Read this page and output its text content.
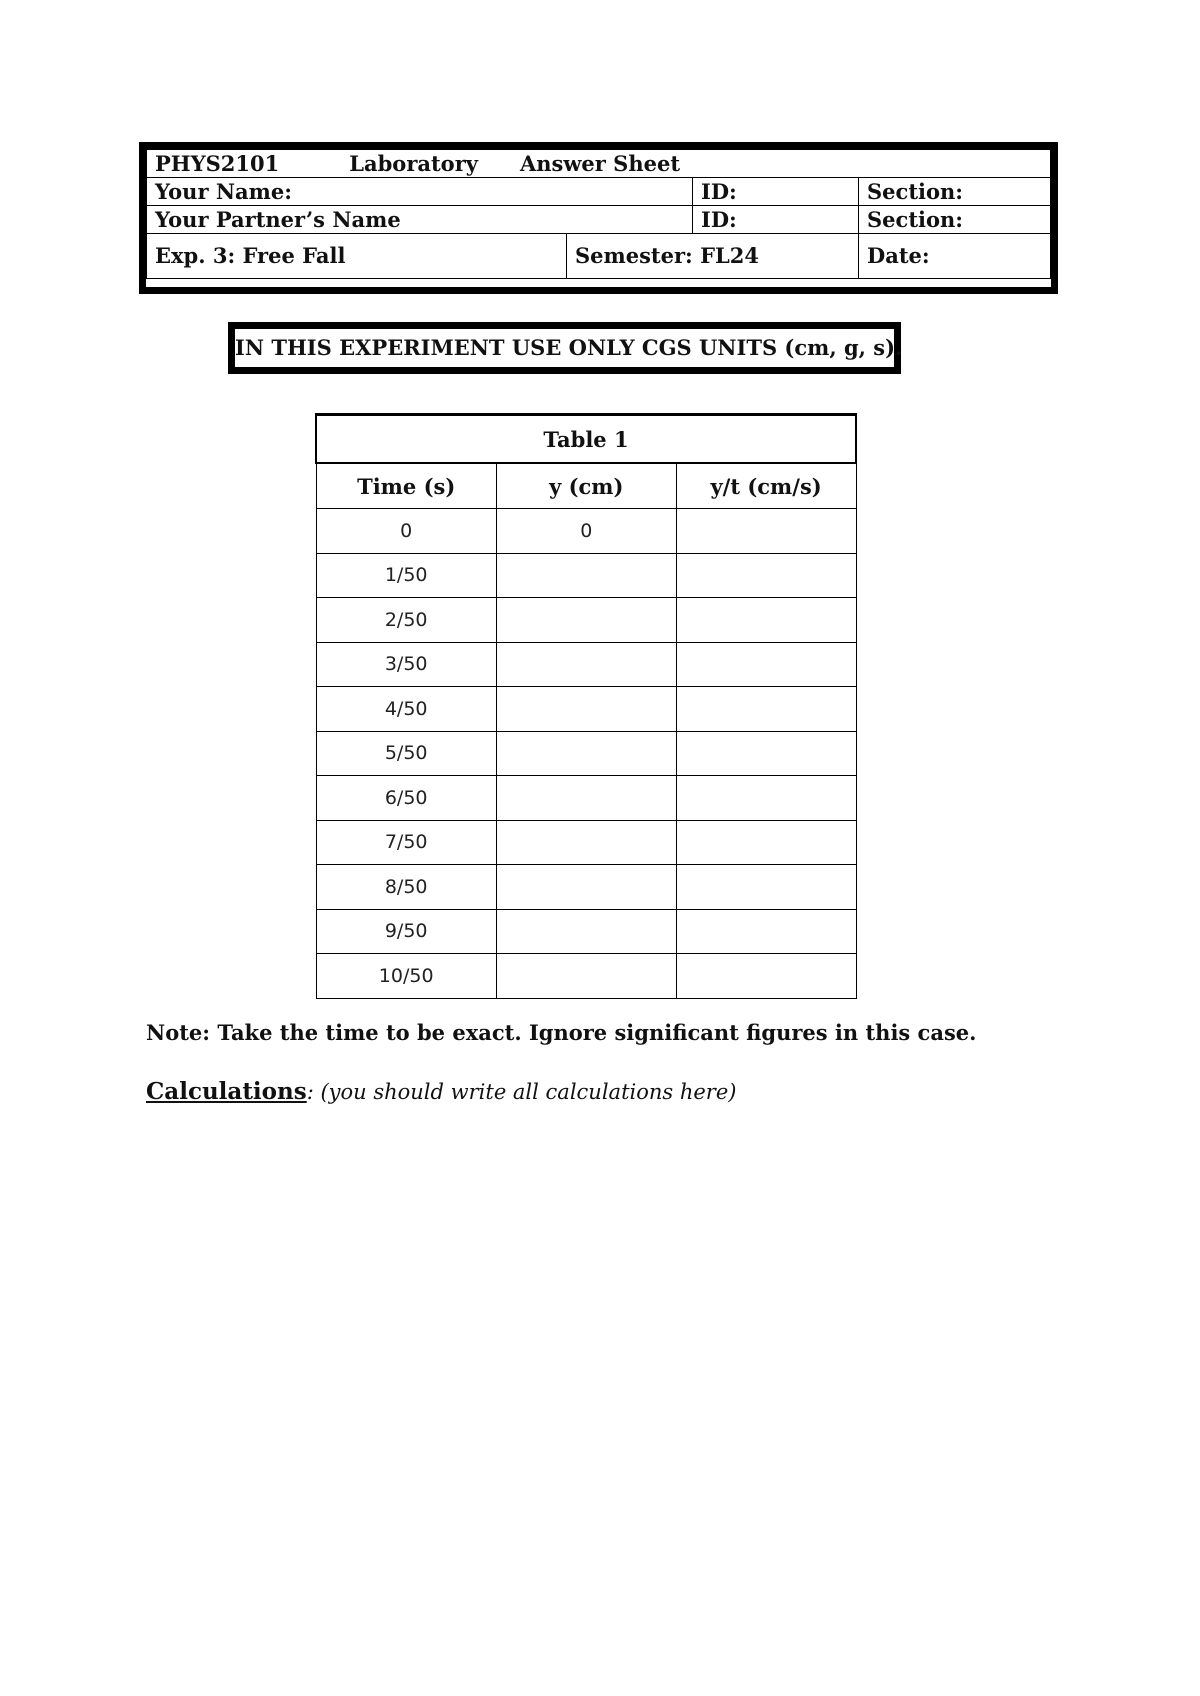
PHYS2101 Laboratory Answer Sheet			
Your Name:		ID:	Section:
Your Partner’s Name		ID:	Section:
Exp. 3: Free Fall	Semester: FL24		Date:
IN THIS EXPERIMENT USE ONLY CGS UNITS (cm, g, s).
Table 1		
Time (s)	y (cm)	y/t (cm/s)
0	0	
1/50		
2/50		
3/50		
4/50		
5/50		
6/50		
7/50		
8/50		
9/50		
10/50		
Note: Take the time to be exact. Ignore significant figures in this case.
Calculations: (you should write all calculations here)
